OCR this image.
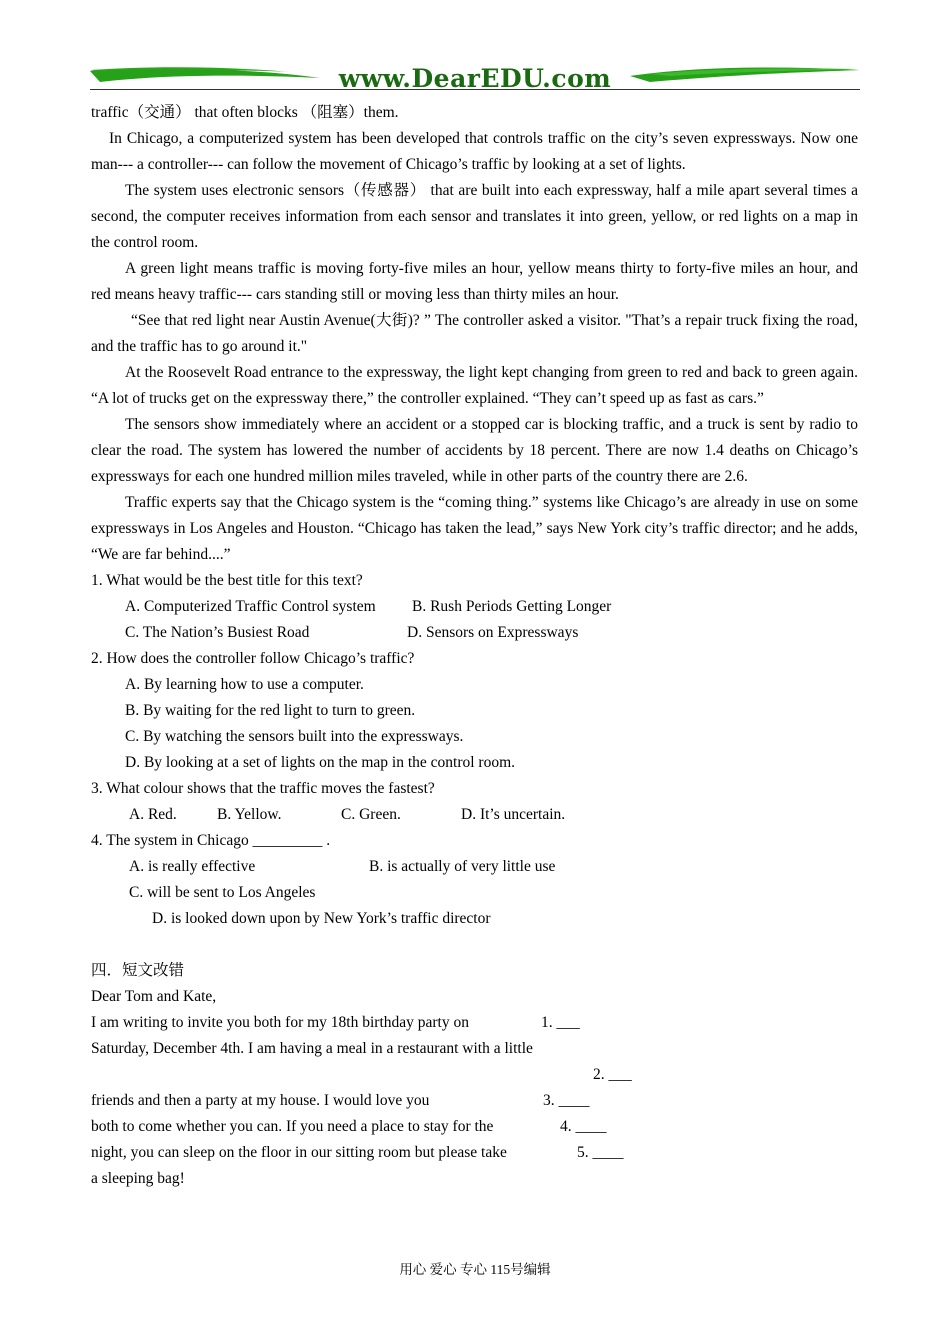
www.DearEDU.com

traffic（交通） that often blocks （阻塞）them.

In Chicago, a computerized system has been developed that controls traffic on the city’s seven expressways. Now one man--- a controller--- can follow the movement of Chicago’s traffic by looking at a set of lights.

The system uses electronic sensors（传感器） that are built into each expressway, half a mile apart several times a second, the computer receives information from each sensor and translates it into green, yellow, or red lights on a map in the control room.

A green light means traffic is moving forty-five miles an hour, yellow means thirty to forty-five miles an hour, and red means heavy traffic--- cars standing still or moving less than thirty miles an hour.

“See that red light near Austin Avenue(大街)? ” The controller asked a visitor. "That’s a repair truck fixing the road, and the traffic has to go around it."

At the Roosevelt Road entrance to the expressway, the light kept changing from green to red and back to green again. “A lot of trucks get on the expressway there,” the controller explained. “They can’t speed up as fast as cars.”

The sensors show immediately where an accident or a stopped car is blocking traffic, and a truck is sent by radio to clear the road. The system has lowered the number of accidents by 18 percent. There are now 1.4 deaths on Chicago’s expressways for each one hundred million miles traveled, while in other parts of the country there are 2.6.

Traffic experts say that the Chicago system is the “coming thing.” systems like Chicago’s are already in use on some expressways in Los Angeles and Houston. “Chicago has taken the lead,” says New York city’s traffic director; and he adds, “We are far behind....”

1. What would be the best title for this text?

A. Computerized Traffic Control system B. Rush Periods Getting Longer
C. The Nation’s Busiest Road	D. Sensors on Expressways

2. How does the controller follow Chicago’s traffic?

A. By learning how to use a computer.

B. By waiting for the red light to turn to green.

C. By watching the sensors built into the expressways.

D. By looking at a set of lights on the map in the control room.

3. What colour shows that the traffic moves the fastest?

A. Red.	B. Yellow.	C. Green.	D. It’s uncertain.

4. The system in Chicago _________ .

A. is really effective	B. is actually of very little use
C. will be sent to Los Angeles
D. is looked down upon by New York’s traffic director

四．短文改错

Dear Tom and Kate,

I am writing to invite you both for my 18th birthday party on	1. ___
Saturday, December 4th. I am having a meal in a restaurant with a little
2. ___
friends and then a party at my house. I would love you	3. ____
both to come whether you can. If you need a place to stay for the	4. ____
night, you can sleep on the floor in our sitting room but please take	5. ____
a sleeping bag!
用心 爱心 专心 115号编辑
